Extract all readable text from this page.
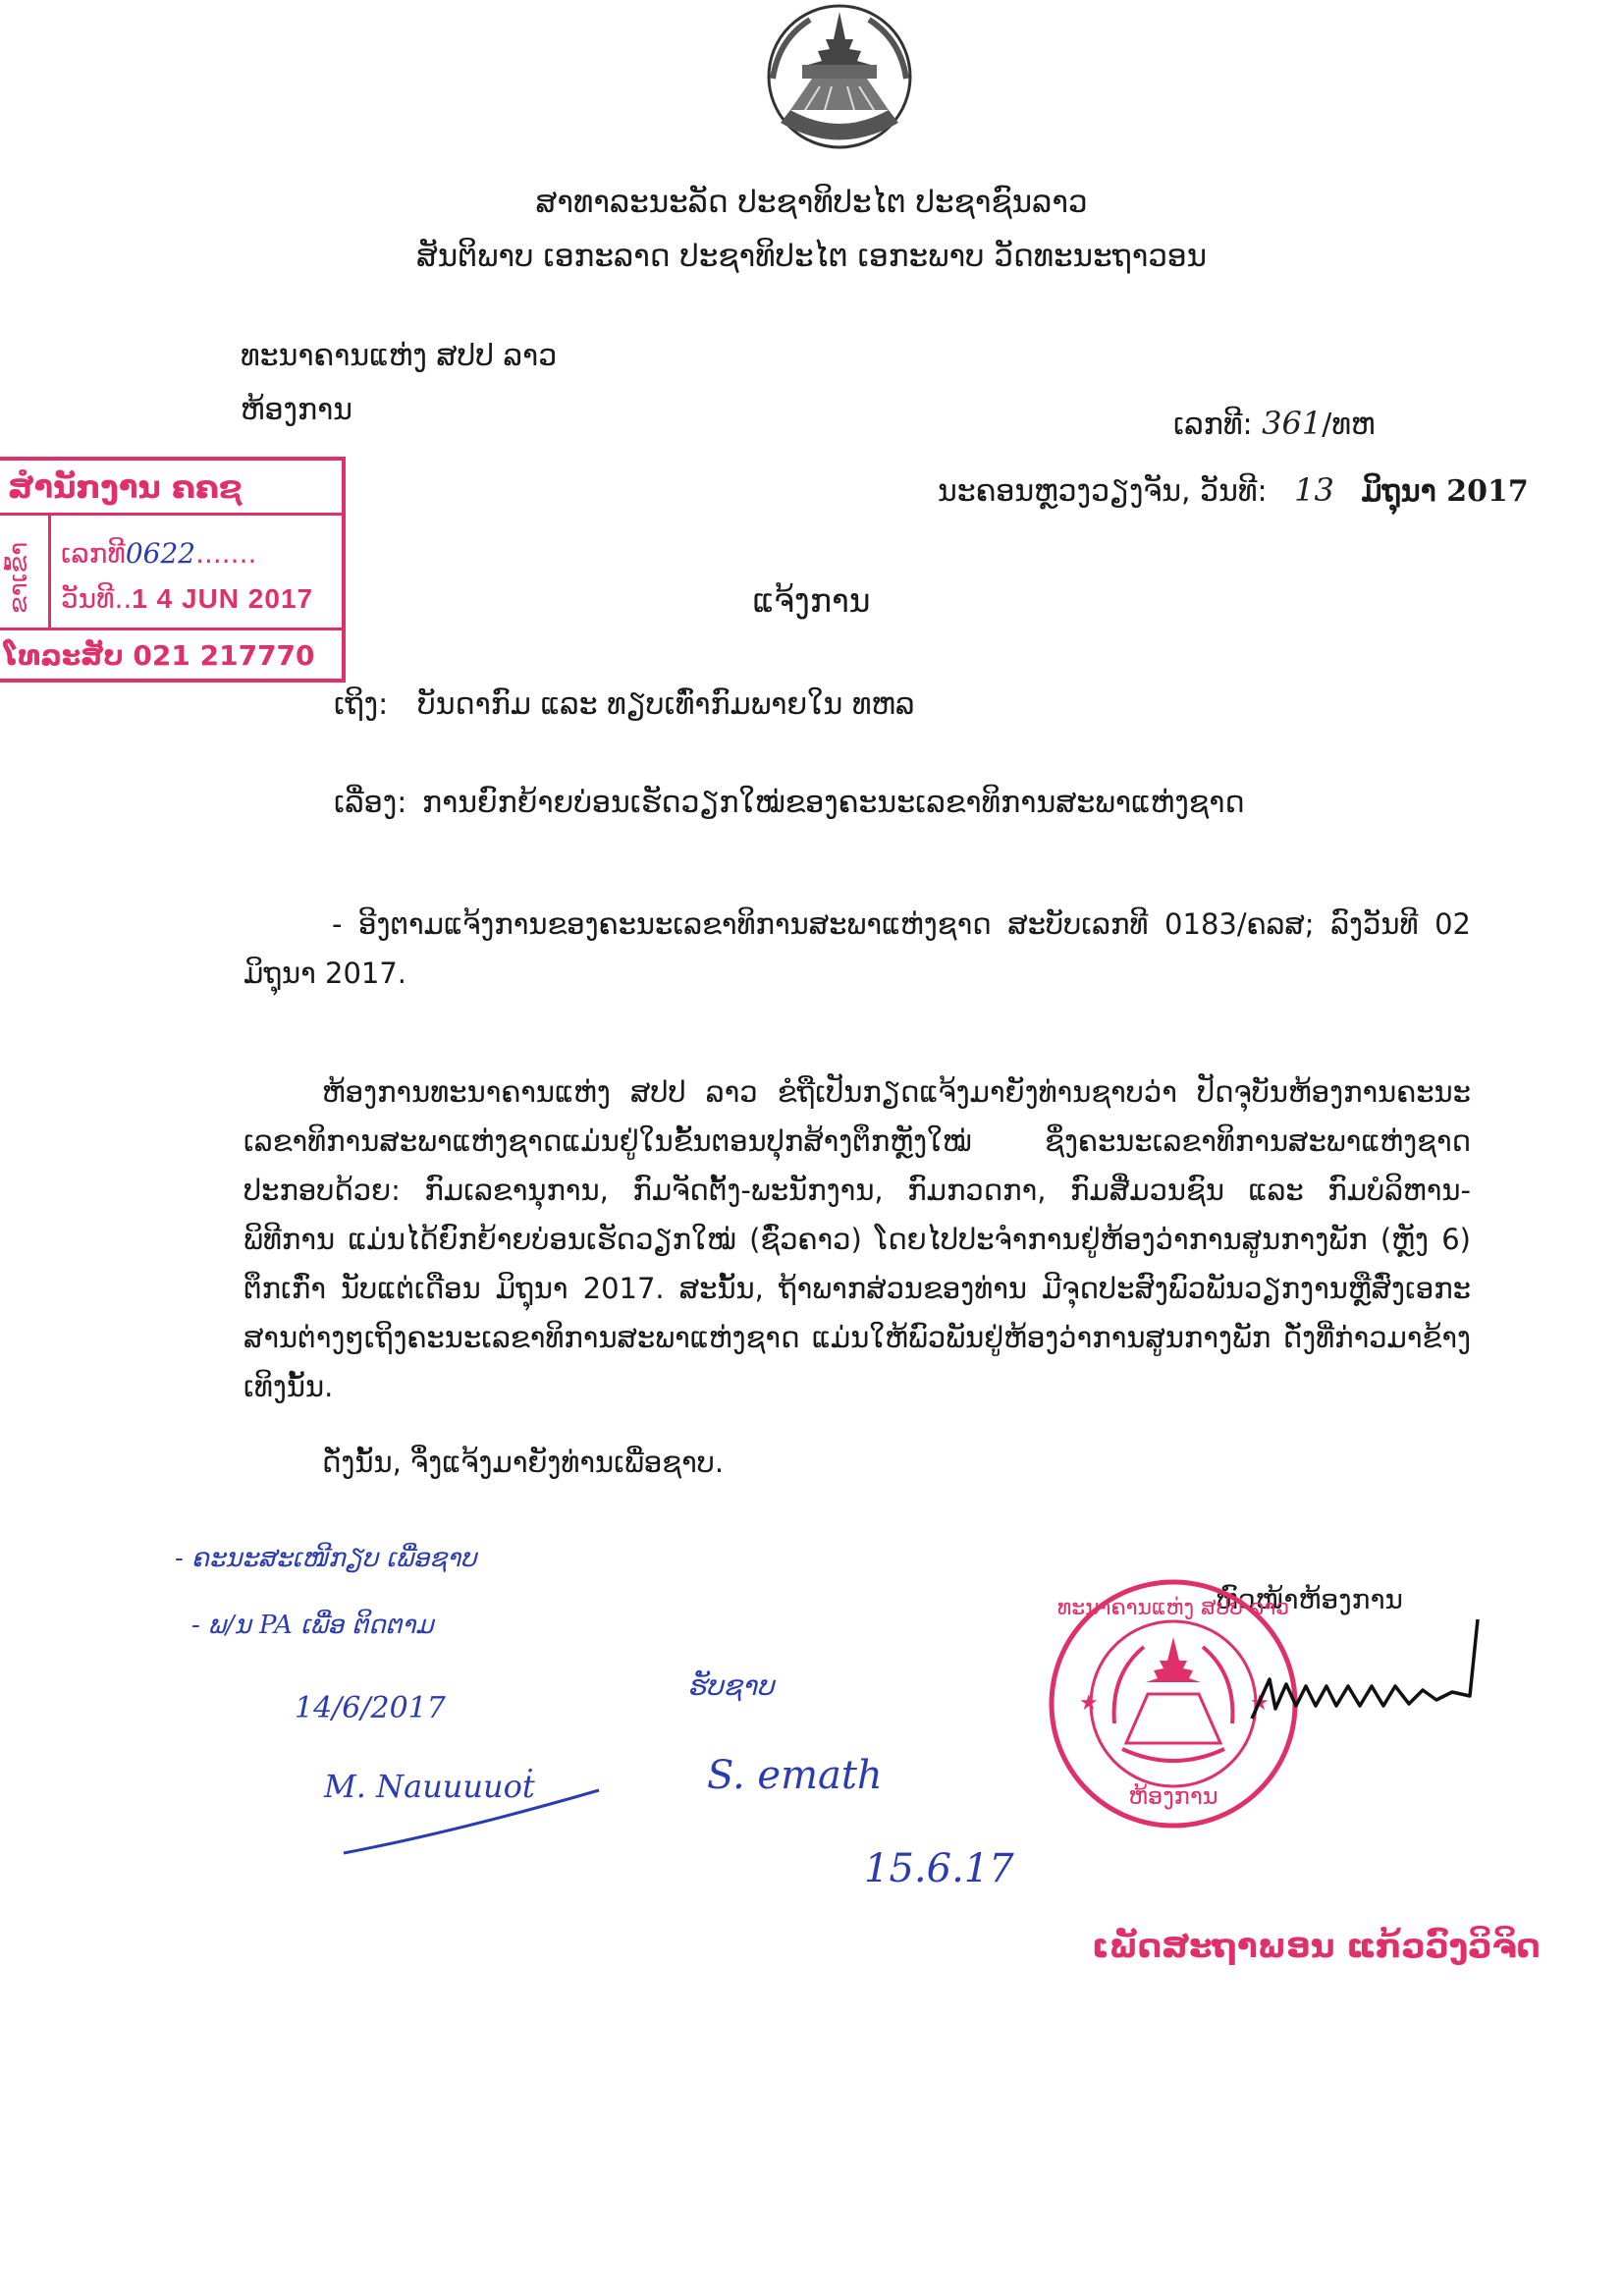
ສາທາລະນະລັດ ປະຊາທິປະໄຕ ປະຊາຊົນລາວ
ສັນຕິພາບ ເອກະລາດ ປະຊາທິປະໄຕ ເອກະພາບ ວັດທະນະຖາວອນ
ທະນາຄານແຫ່ງ ສປປ ລາວ
ຫ້ອງການ	ເລກທີ: 361/ທຫ
ນະຄອນຫຼວງວຽງຈັນ, ວັນທີ: 13 ມິຖຸນາ 2017
ສຳນັກງານ ຄຄຊ
ຂາເຂົ້າ ເລກທີ0622.......
ວັນທີ..1 4 JUN 2017
ໂທລະສັບ 021 217770
ແຈ້ງການ
ເຖິງ: ບັນດາກົມ ແລະ ທຽບເທົ່າກົມພາຍໃນ ທຫລ
ເລື່ອງ: ການຍົກຍ້າຍບ່ອນເຮັດວຽກໃໝ່ຂອງຄະນະເລຂາທິການສະພາແຫ່ງຊາດ
- ອີງຕາມແຈ້ງການຂອງຄະນະເລຂາທິການສະພາແຫ່ງຊາດ ສະບັບເລກທີ 0183/ຄລສ; ລົງວັນທີ 02 ມິຖຸນາ 2017.
ຫ້ອງການທະນາຄານແຫ່ງ ສປປ ລາວ ຂໍຖືເປັນກຽດແຈ້ງມາຍັງທ່ານຊາບວ່າ ປັດຈຸບັນຫ້ອງການຄະນະເລຂາທິການສະພາແຫ່ງຊາດແມ່ນຢູ່ໃນຂັ້ນຕອນປຸກສ້າງຕຶກຫຼັງໃໝ່ ຊຶ່ງຄະນະເລຂາທິການສະພາແຫ່ງຊາດ ປະກອບດ້ວຍ: ກົມເລຂານຸການ, ກົມຈັດຕັ້ງ-ພະນັກງານ, ກົມກວດກາ, ກົມສື່ມວນຊົນ ແລະ ກົມບໍລິຫານ-ພິທີການ ແມ່ນໄດ້ຍົກຍ້າຍບ່ອນເຮັດວຽກໃໝ່ (ຊົ່ວຄາວ) ໂດຍໄປປະຈຳການຢູ່ຫ້ອງວ່າການສູນກາງພັກ (ຫຼັງ 6) ຕຶກເກົ່າ ນັບແຕ່ເດືອນ ມິຖຸນາ 2017. ສະນັ້ນ, ຖ້າພາກສ່ວນຂອງທ່ານ ມີຈຸດປະສົງພົວພັນວຽກງານຫຼືສົ່ງເອກະສານຕ່າງໆເຖິງຄະນະເລຂາທິການສະພາແຫ່ງຊາດ ແມ່ນໃຫ້ພົວພັນຢູ່ຫ້ອງວ່າການສູນກາງພັກ ດັ່ງທີ່ກ່າວມາຂ້າງເທິງນັ້ນ.
ດັ່ງນັ້ນ, ຈຶ່ງແຈ້ງມາຍັງທ່ານເພື່ອຊາບ.
- ຄະນະສະເໜີກຽບ ເພື່ອຊາບ
- ພ/ນ PA ເພື່ອ ຕິດຕາມ
14/6/2017
M. Nauuuuoṫ
ຮັບຊາບ
S. emath
15.6.17
ຫົວໜ້າຫ້ອງການ
★	★
ທະນາຄານແຫ່ງ ສປປ ລາວ
ຫ້ອງການ
ເພັດສະຖາພອນ ແກ້ວວົງວິຈິດ
